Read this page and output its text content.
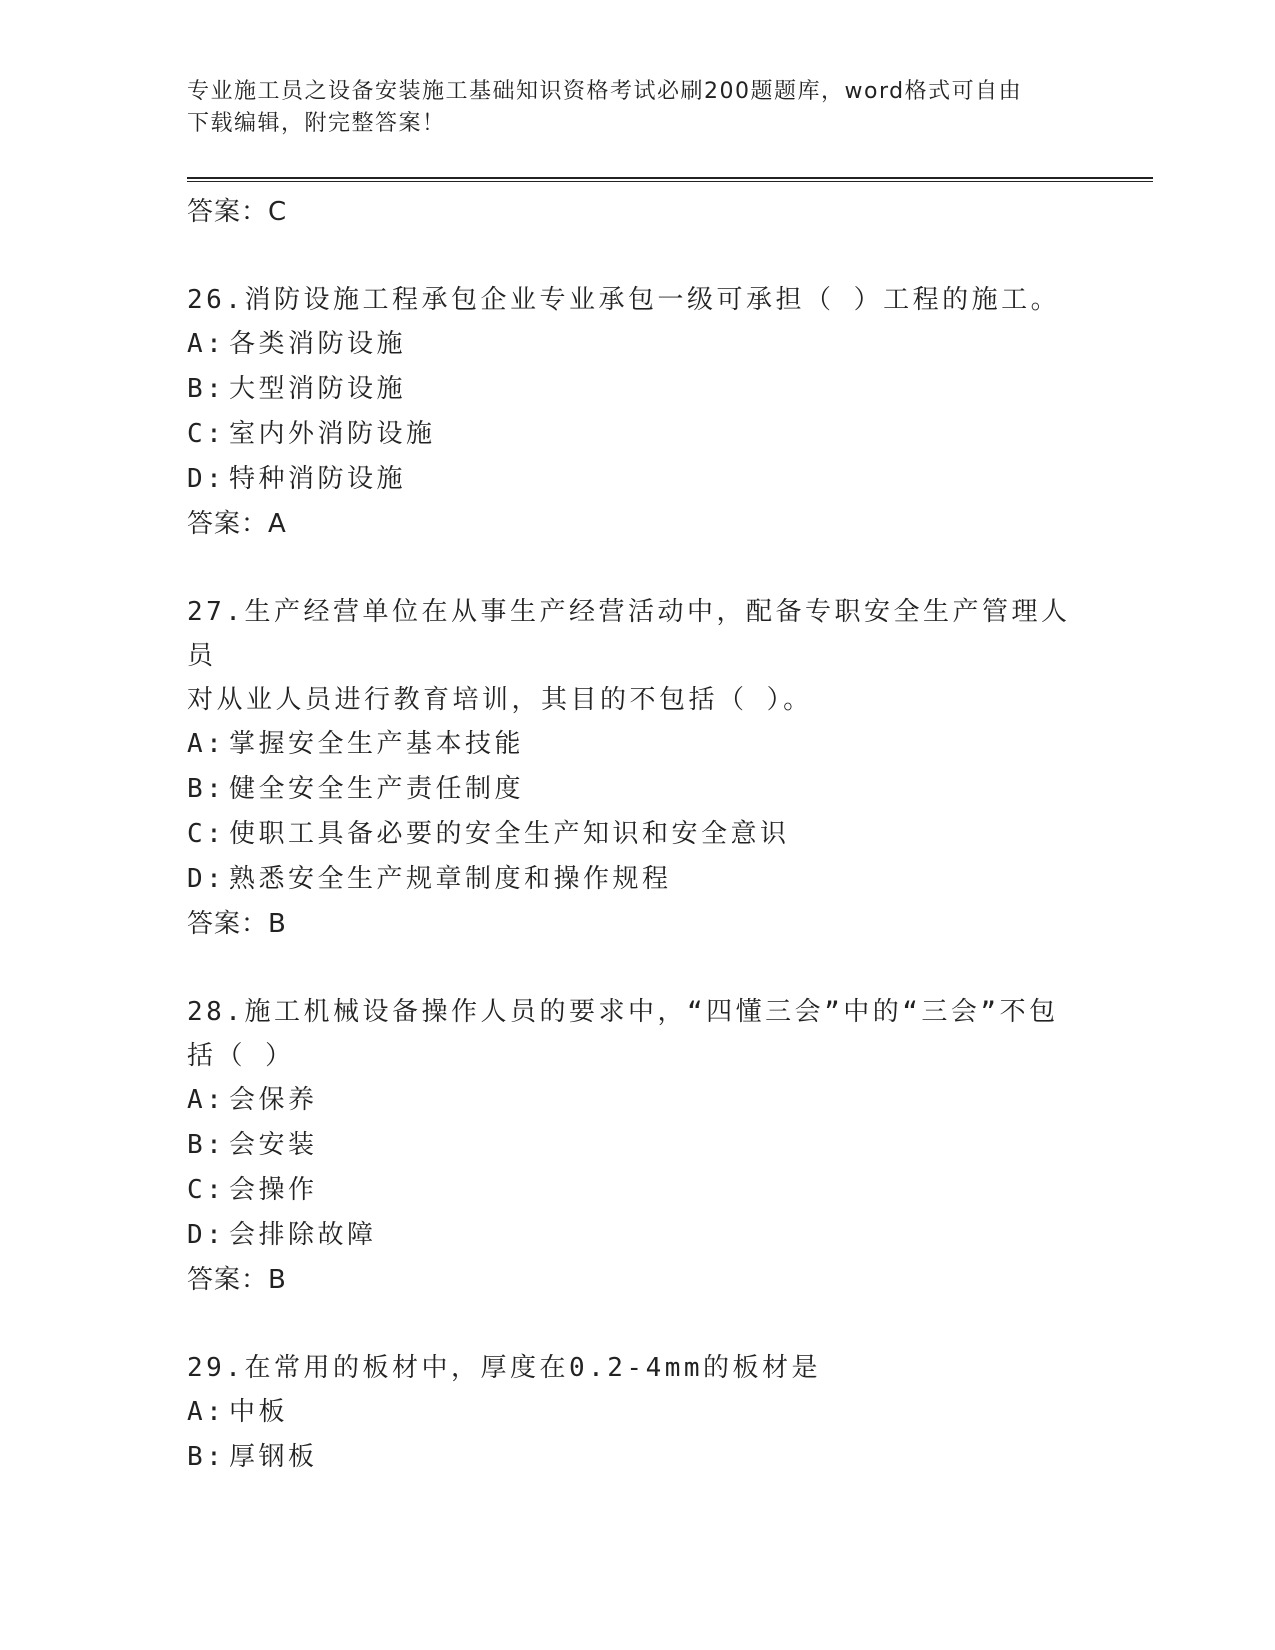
专业施工员之设备安装施工基础知识资格考试必刷200题题库，word格式可自由
下载编辑，附完整答案！
答案：C
26.消防设施工程承包企业专业承包一级可承担（ ）工程的施工。
A: 各类消防设施
B: 大型消防设施
C: 室内外消防设施
D: 特种消防设施
答案：A
27.生产经营单位在从事生产经营活动中，配备专职安全生产管理人员
对从业人员进行教育培训，其目的不包括（ ）。
A: 掌握安全生产基本技能
B: 健全安全生产责任制度
C: 使职工具备必要的安全生产知识和安全意识
D: 熟悉安全生产规章制度和操作规程
答案：B
28.施工机械设备操作人员的要求中，“四懂三会”中的“三会”不包
括（ ）
A: 会保养
B: 会安装
C: 会操作
D: 会排除故障
答案：B
29.在常用的板材中，厚度在0.2-4mm的板材是
A: 中板
B: 厚钢板
